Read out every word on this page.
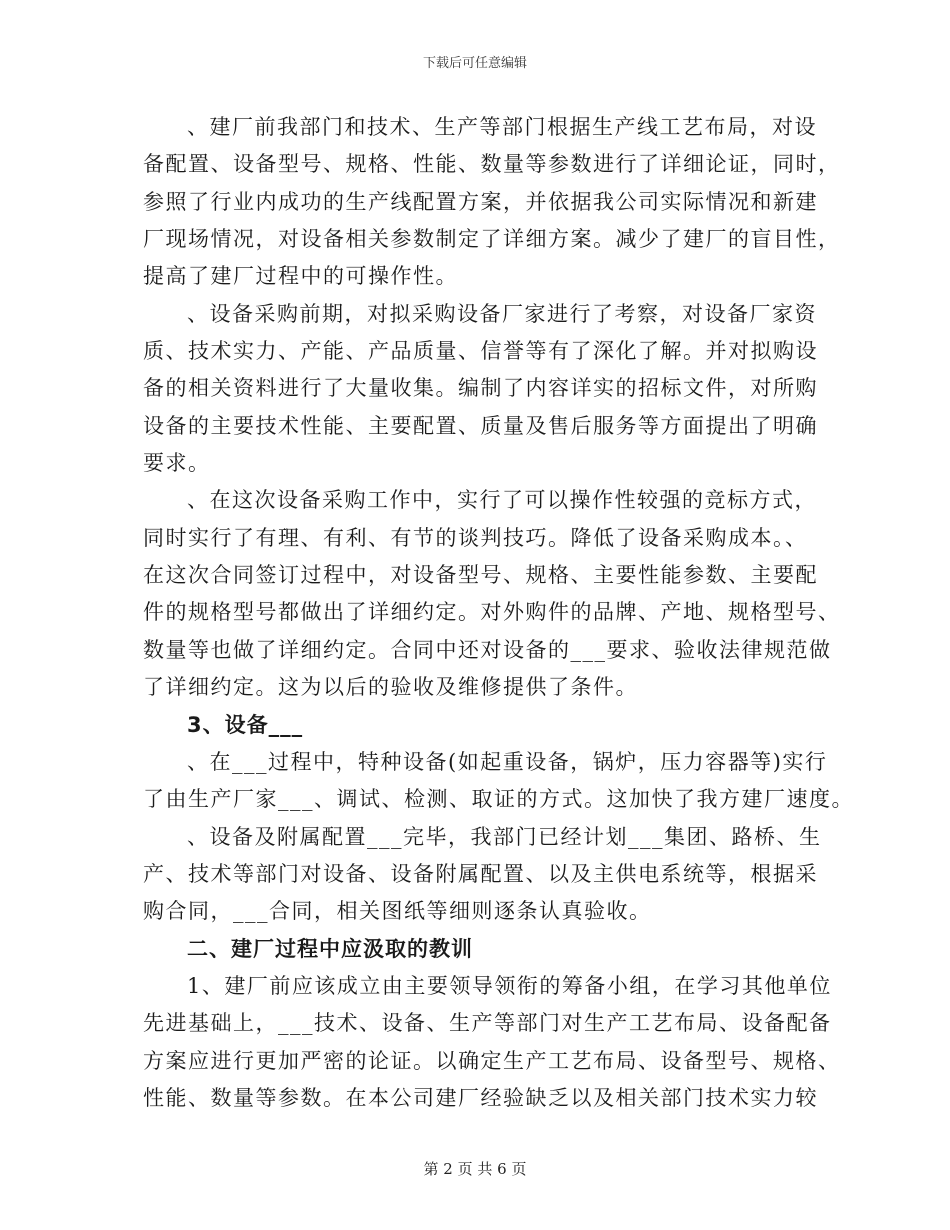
下载后可任意编辑
、建厂前我部门和技术、生产等部门根据生产线工艺布局，对设
备配置、设备型号、规格、性能、数量等参数进行了详细论证，同时，
参照了行业内成功的生产线配置方案，并依据我公司实际情况和新建
厂现场情况，对设备相关参数制定了详细方案。减少了建厂的盲目性，
提高了建厂过程中的可操作性。
、设备采购前期，对拟采购设备厂家进行了考察，对设备厂家资
质、技术实力、产能、产品质量、信誉等有了深化了解。并对拟购设
备的相关资料进行了大量收集。编制了内容详实的招标文件，对所购
设备的主要技术性能、主要配置、质量及售后服务等方面提出了明确
要求。
、在这次设备采购工作中，实行了可以操作性较强的竞标方式，
同时实行了有理、有利、有节的谈判技巧。降低了设备采购成本。、
在这次合同签订过程中，对设备型号、规格、主要性能参数、主要配
件的规格型号都做出了详细约定。对外购件的品牌、产地、规格型号、
数量等也做了详细约定。合同中还对设备的___要求、验收法律规范做
了详细约定。这为以后的验收及维修提供了条件。
3、设备___
、在___过程中，特种设备(如起重设备，锅炉，压力容器等)实行
了由生产厂家___、调试、检测、取证的方式。这加快了我方建厂速度。
、设备及附属配置___完毕，我部门已经计划___集团、路桥、生
产、技术等部门对设备、设备附属配置、以及主供电系统等，根据采
购合同，___合同，相关图纸等细则逐条认真验收。
二、建厂过程中应汲取的教训
1、建厂前应该成立由主要领导领衔的筹备小组，在学习其他单位
先进基础上，___技术、设备、生产等部门对生产工艺布局、设备配备
方案应进行更加严密的论证。以确定生产工艺布局、设备型号、规格、
性能、数量等参数。在本公司建厂经验缺乏以及相关部门技术实力较
第 2 页 共 6 页
